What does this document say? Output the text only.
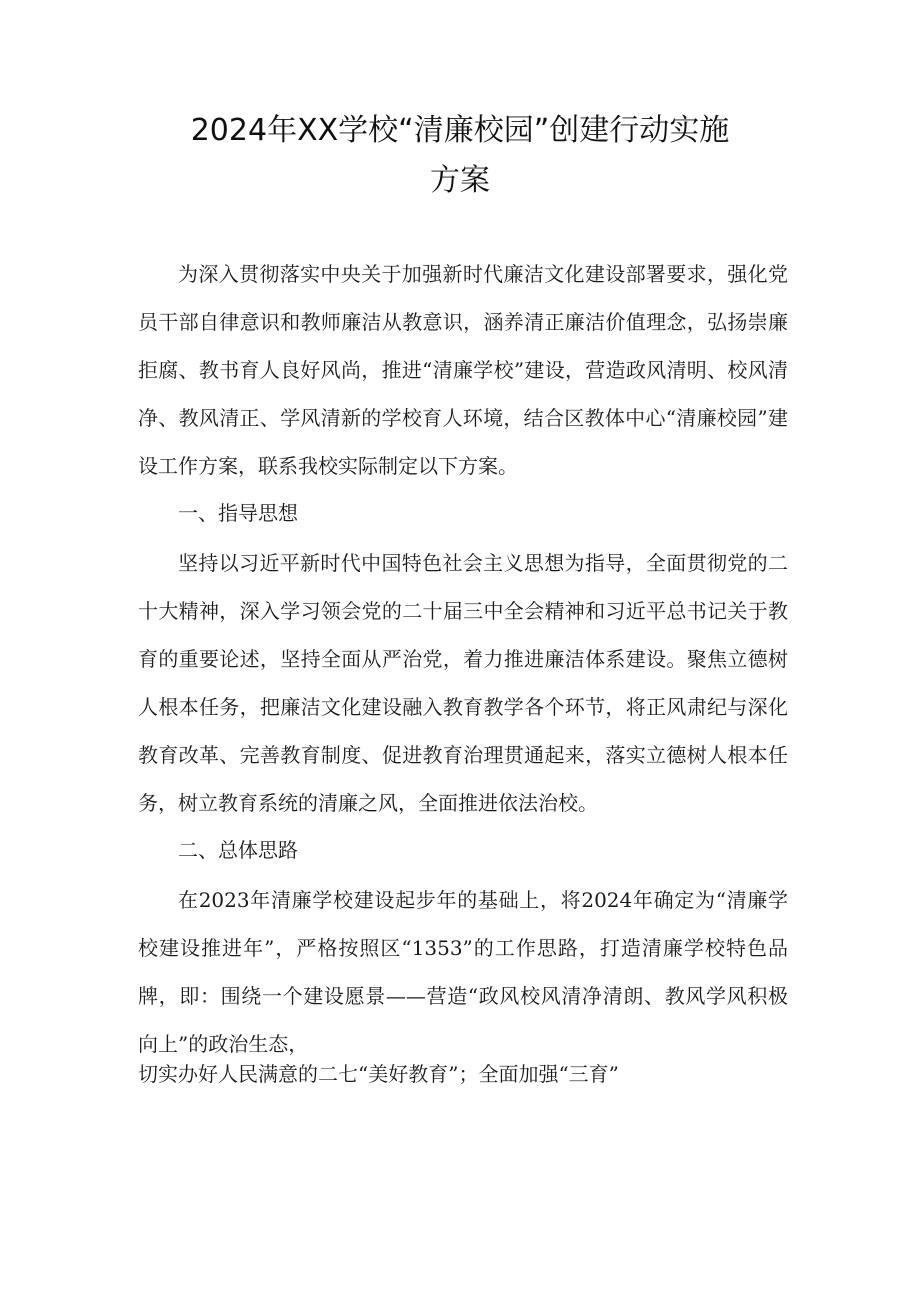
2024年XX学校“清廉校园”创建行动实施
方案

为深入贯彻落实中央关于加强新时代廉洁文化建设部署要求，强化党员干部自律意识和教师廉洁从教意识，涵养清正廉洁价值理念，弘扬崇廉拒腐、教书育人良好风尚，推进“清廉学校”建设，营造政风清明、校风清净、教风清正、学风清新的学校育人环境，结合区教体中心“清廉校园”建设工作方案，联系我校实际制定以下方案。

一、指导思想

坚持以习近平新时代中国特色社会主义思想为指导，全面贯彻党的二十大精神，深入学习领会党的二十届三中全会精神和习近平总书记关于教育的重要论述，坚持全面从严治党，着力推进廉洁体系建设。聚焦立德树人根本任务，把廉洁文化建设融入教育教学各个环节，将正风肃纪与深化教育改革、完善教育制度、促进教育治理贯通起来，落实立德树人根本任务，树立教育系统的清廉之风，全面推进依法治校。

二、总体思路

在2023年清廉学校建设起步年的基础上，将2024年确定为“清廉学校建设推进年”，严格按照区“1353”的工作思路，打造清廉学校特色品牌，即：围绕一个建设愿景——营造“政风校风清净清朗、教风学风积极向上”的政治生态，

切实办好人民满意的二七“美好教育”；全面加强“三育”
